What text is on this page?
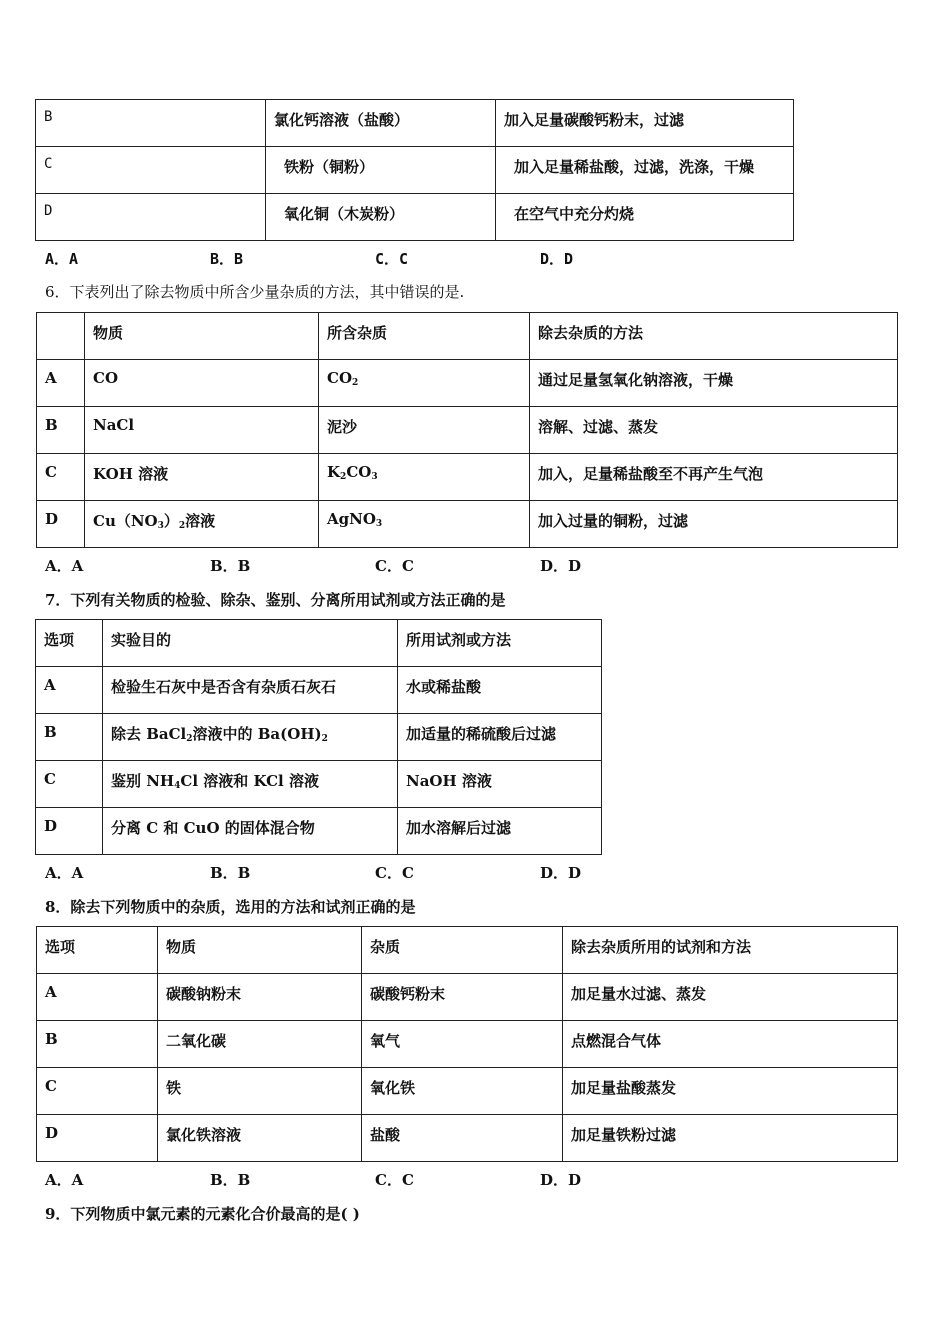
B	氯化钙溶液（盐酸）	加入足量碳酸钙粉末，过滤
C	铁粉（铜粉）	加入足量稀盐酸，过滤，洗涤，干燥
D	氧化铜（木炭粉）	在空气中充分灼烧
A．A	B．B	C．C	D．D
6．下表列出了除去物质中所含少量杂质的方法，其中错误的是.
	物质	所含杂质	除去杂质的方法
A	CO	$CO_2$	通过足量氢氧化钠溶液，干燥
B	NaCl	泥沙	溶解、过滤、蒸发
C	KOH 溶液	$K_2CO_3$	加入，足量稀盐酸至不再产生气泡
D	$Cu(NO_3)_2$溶液	AgNO$_3$	加入过量的铜粉，过滤
A．A	B．B	C．C	D．D
7．下列有关物质的检验、除杂、鉴别、分离所用试剂或方法正确的是
选项	实验目的	所用试剂或方法
A	检验生石灰中是否含有杂质石灰石	水或稀盐酸
B	除去 BaCl$_2$溶液中的 $Ba(OH)_2$	加适量的稀硫酸后过滤
C	鉴别 $NH_4Cl$ 溶液和 KCl 溶液	NaOH 溶液
D	分离 C 和 CuO 的固体混合物	加水溶解后过滤
A．A	B．B	C．C	D．D
8．除去下列物质中的杂质，选用的方法和试剂正确的是
选项	物质	杂质	除去杂质所用的试剂和方法
A	碳酸钠粉末	碳酸钙粉末	加足量水过滤、蒸发
B	二氧化碳	氧气	点燃混合气体
C	铁	氧化铁	加足量盐酸蒸发
D	氯化铁溶液	盐酸	加足量铁粉过滤
A．A	B．B	C．C	D．D
9．下列物质中氯元素的元素化合价最高的是( )
